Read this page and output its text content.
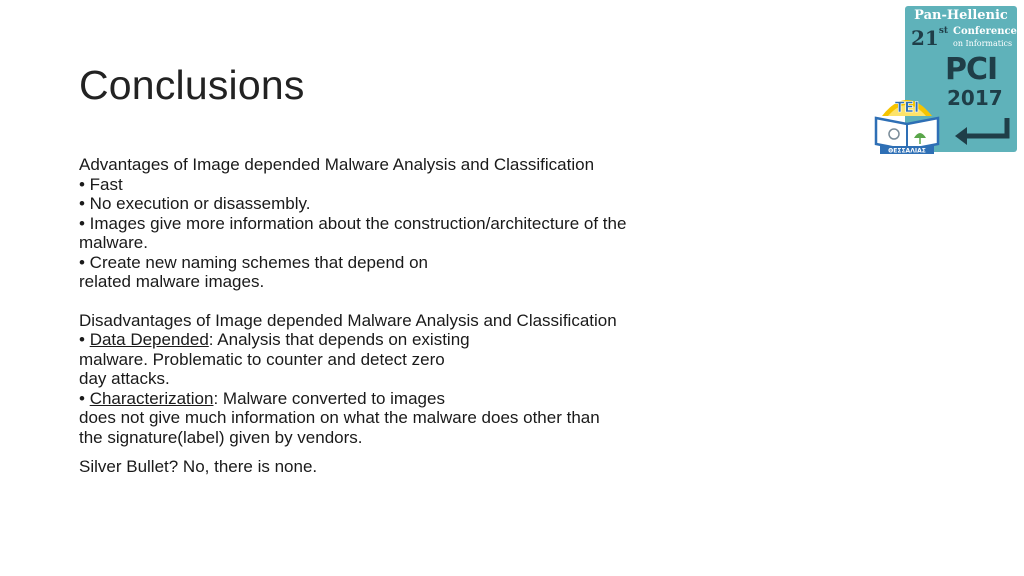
Conclusions
Advantages of Image depended Malware Analysis and Classification
• Fast
• No execution or disassembly.
• Images give more information about the construction/architecture of the
malware.
• Create new naming schemes that depend on
related malware images.
Disadvantages of Image depended Malware Analysis and Classification
• Data Depended: Analysis that depends on existing
malware. Problematic to counter and detect zero
day attacks.
• Characterization: Malware converted to images
does not give much information on what the malware does other than
the signature(label) given by vendors.
Silver Bullet? No, there is none.
Pan-Hellenic
21st Conference
on Informatics
PCI
2017
TEI
ΘΕΣΣΑΛΙΑΣ
